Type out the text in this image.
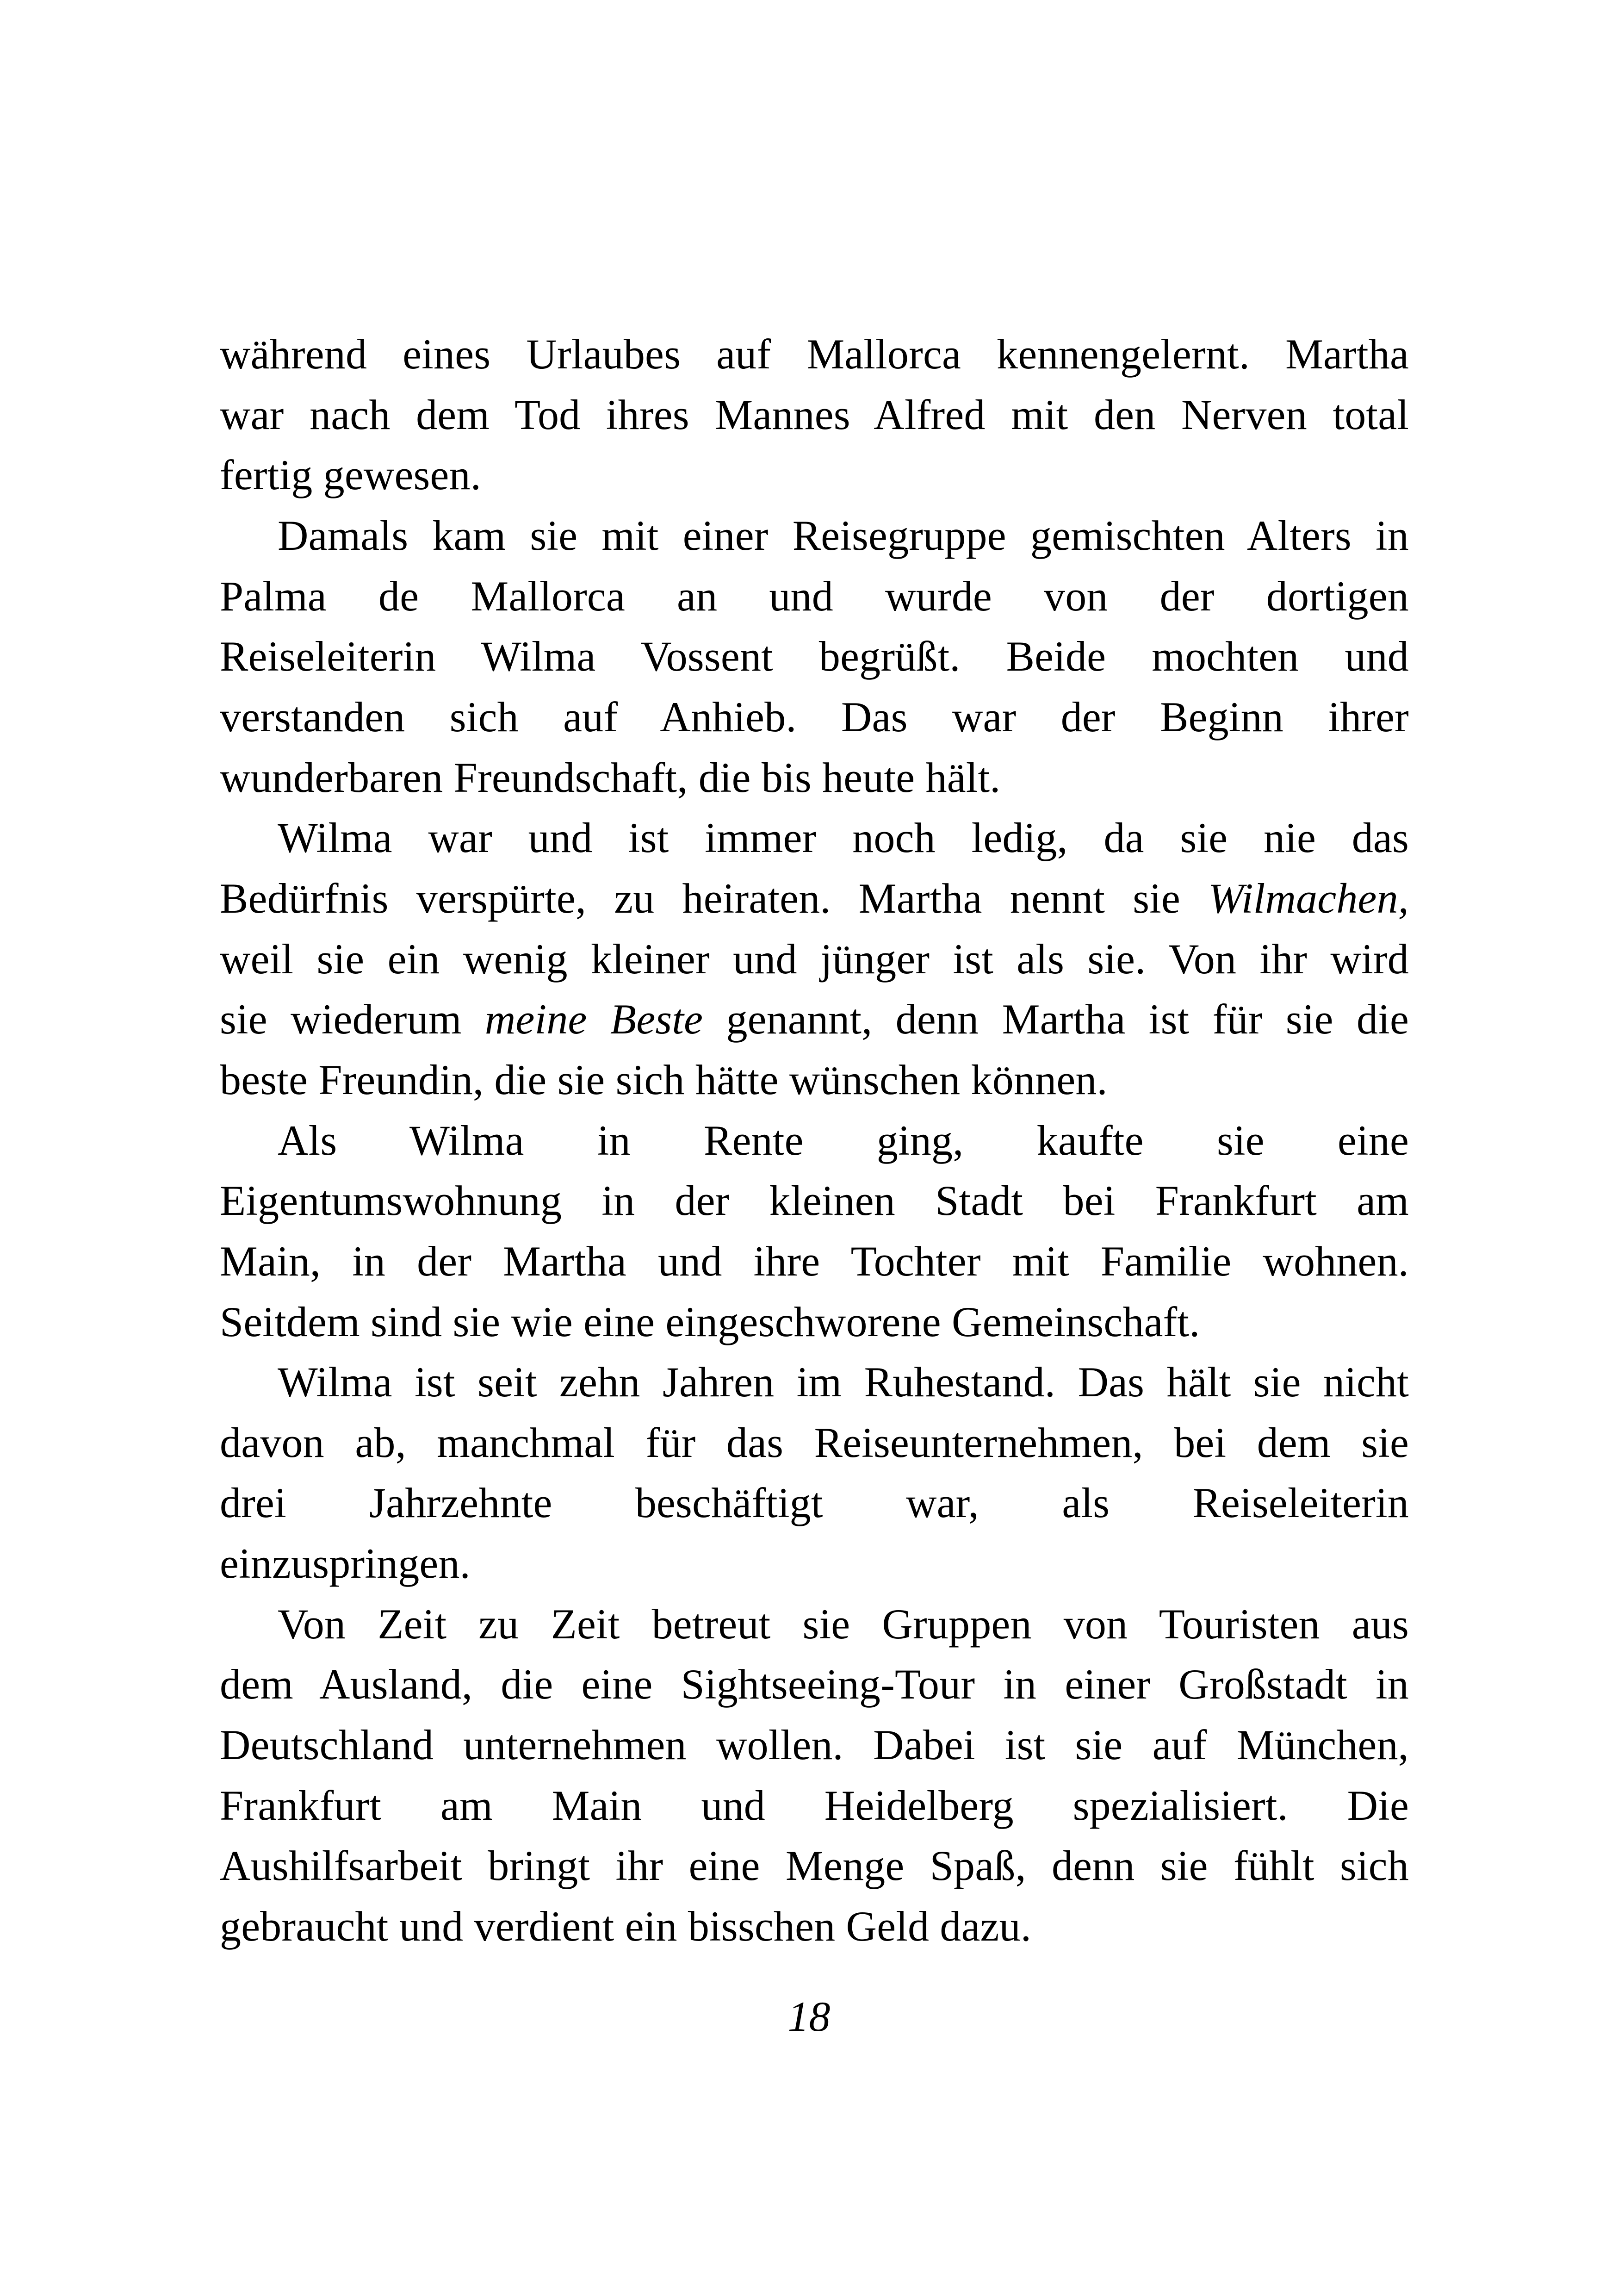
während eines Urlaubes auf Mallorca kennengelernt. Martha
war nach dem Tod ihres Mannes Alfred mit den Nerven total
fertig gewesen.
Damals kam sie mit einer Reisegruppe gemischten Alters in
Palma de Mallorca an und wurde von der dortigen
Reiseleiterin Wilma Vossent begrüßt. Beide mochten und
verstanden sich auf Anhieb. Das war der Beginn ihrer
wunderbaren Freundschaft, die bis heute hält.
Wilma war und ist immer noch ledig, da sie nie das
Bedürfnis verspürte, zu heiraten. Martha nennt sie Wilmachen,
weil sie ein wenig kleiner und jünger ist als sie. Von ihr wird
sie wiederum meine Beste genannt, denn Martha ist für sie die
beste Freundin, die sie sich hätte wünschen können.
Als Wilma in Rente ging, kaufte sie eine
Eigentumswohnung in der kleinen Stadt bei Frankfurt am
Main, in der Martha und ihre Tochter mit Familie wohnen.
Seitdem sind sie wie eine eingeschworene Gemeinschaft.
Wilma ist seit zehn Jahren im Ruhestand. Das hält sie nicht
davon ab, manchmal für das Reiseunternehmen, bei dem sie
drei Jahrzehnte beschäftigt war, als Reiseleiterin
einzuspringen.
Von Zeit zu Zeit betreut sie Gruppen von Touristen aus
dem Ausland, die eine Sightseeing-Tour in einer Großstadt in
Deutschland unternehmen wollen. Dabei ist sie auf München,
Frankfurt am Main und Heidelberg spezialisiert. Die
Aushilfsarbeit bringt ihr eine Menge Spaß, denn sie fühlt sich
gebraucht und verdient ein bisschen Geld dazu.
18
